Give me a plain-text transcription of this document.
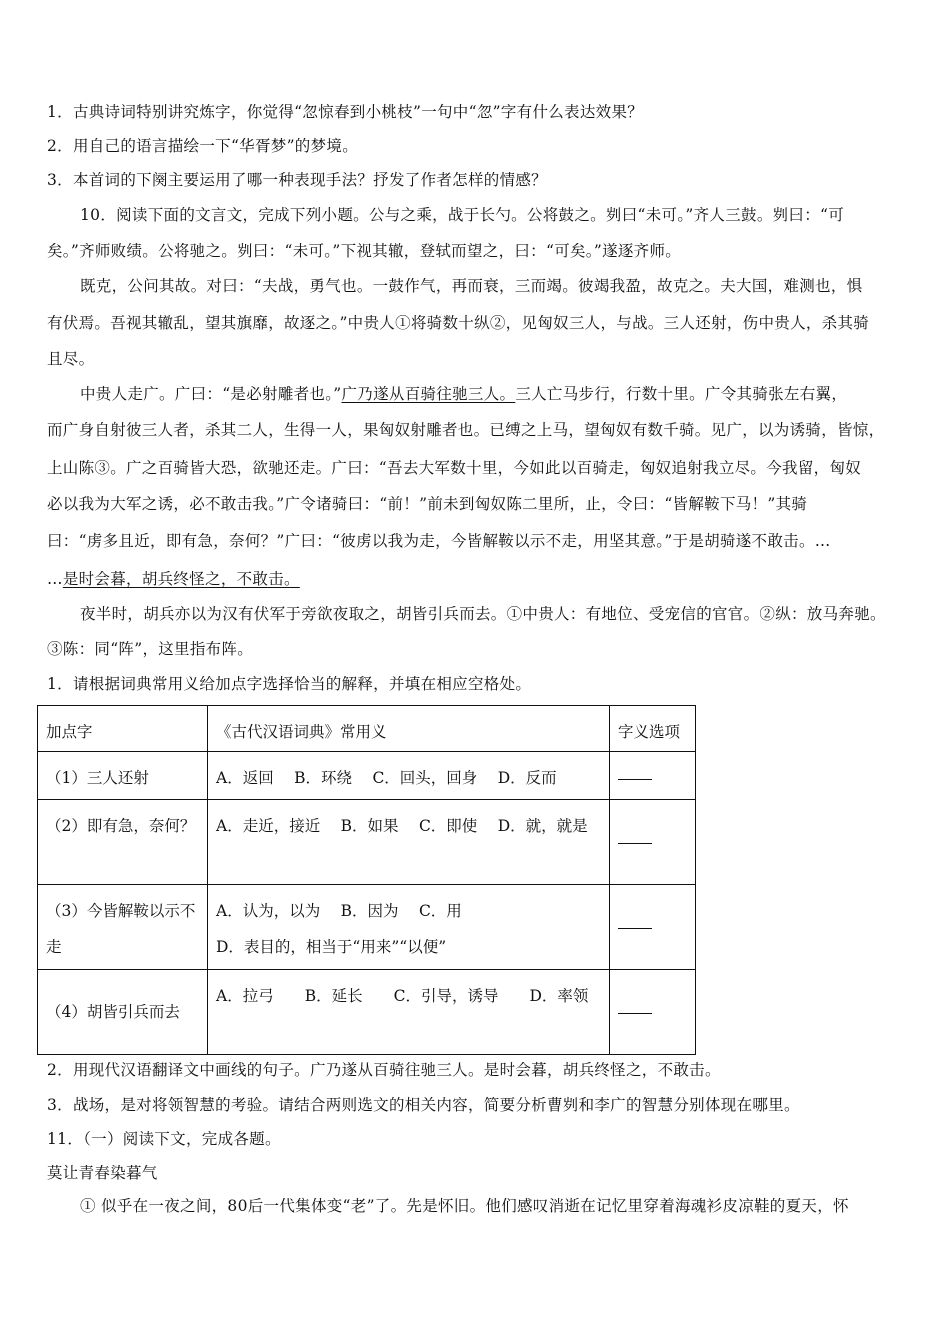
1．古典诗词特别讲究炼字，你觉得“忽惊春到小桃枝”一句中“忽”字有什么表达效果？
2．用自己的语言描绘一下“华胥梦”的梦境。
3．本首词的下阕主要运用了哪一种表现手法？抒发了作者怎样的情感？
10．阅读下面的文言文，完成下列小题。公与之乘，战于长勺。公将鼓之。刿曰“未可。”齐人三鼓。刿曰：“可
矣。”齐师败绩。公将驰之。刿曰：“未可。”下视其辙，登轼而望之，曰：“可矣。”遂逐齐师。
既克，公问其故。对曰：“夫战，勇气也。一鼓作气，再而衰，三而竭。彼竭我盈，故克之。夫大国，难测也，惧
有伏焉。吾视其辙乱，望其旗靡，故逐之。”中贵人①将骑数十纵②，见匈奴三人，与战。三人还射，伤中贵人，杀其骑
且尽。
中贵人走广。广曰：“是必射雕者也。”广乃遂从百骑往驰三人。三人亡马步行，行数十里。广令其骑张左右翼，
而广身自射彼三人者，杀其二人，生得一人，果匈奴射雕者也。已缚之上马，望匈奴有数千骑。见广，以为诱骑，皆惊，
上山陈③。广之百骑皆大恐，欲驰还走。广曰：“吾去大军数十里，今如此以百骑走，匈奴追射我立尽。今我留，匈奴
必以我为大军之诱，必不敢击我。”广令诸骑曰：“前！”前未到匈奴陈二里所，止，令曰：“皆解鞍下马！”其骑
曰：“虏多且近，即有急，奈何？”广曰：“彼虏以我为走，今皆解鞍以示不走，用坚其意。”于是胡骑遂不敢击。…
…是时会暮，胡兵终怪之，不敢击。
夜半时，胡兵亦以为汉有伏军于旁欲夜取之，胡皆引兵而去。①中贵人：有地位、受宠信的官官。②纵：放马奔驰。
③陈：同“阵”，这里指布阵。
1．请根据词典常用义给加点字选择恰当的解释，并填在相应空格处。
加点字	《古代汉语词典》常用义	字义选项
（1）三人还射	A．返回　 B．环绕　 C．回头，回身　 D．反而	
（2）即有急，奈何？	A．走近，接近　 B．如果　 C．即使　 D．就，就是	
（3）今皆解鞍以示不走	A．认为，以为　 B．因为　 C．用
D．表目的，相当于“用来”“以便”	
（4）胡皆引兵而去	A．拉弓　　B．延长　　C．引导，诱导　　D．率领	
2．用现代汉语翻译文中画线的句子。广乃遂从百骑往驰三人。是时会暮，胡兵终怪之，不敢击。
3．战场，是对将领智慧的考验。请结合两则选文的相关内容，简要分析曹刿和李广的智慧分别体现在哪里。
11．（一）阅读下文，完成各题。
莫让青春染暮气
① 似乎在一夜之间，80后一代集体变“老”了。先是怀旧。他们感叹消逝在记忆里穿着海魂衫皮凉鞋的夏天，怀
